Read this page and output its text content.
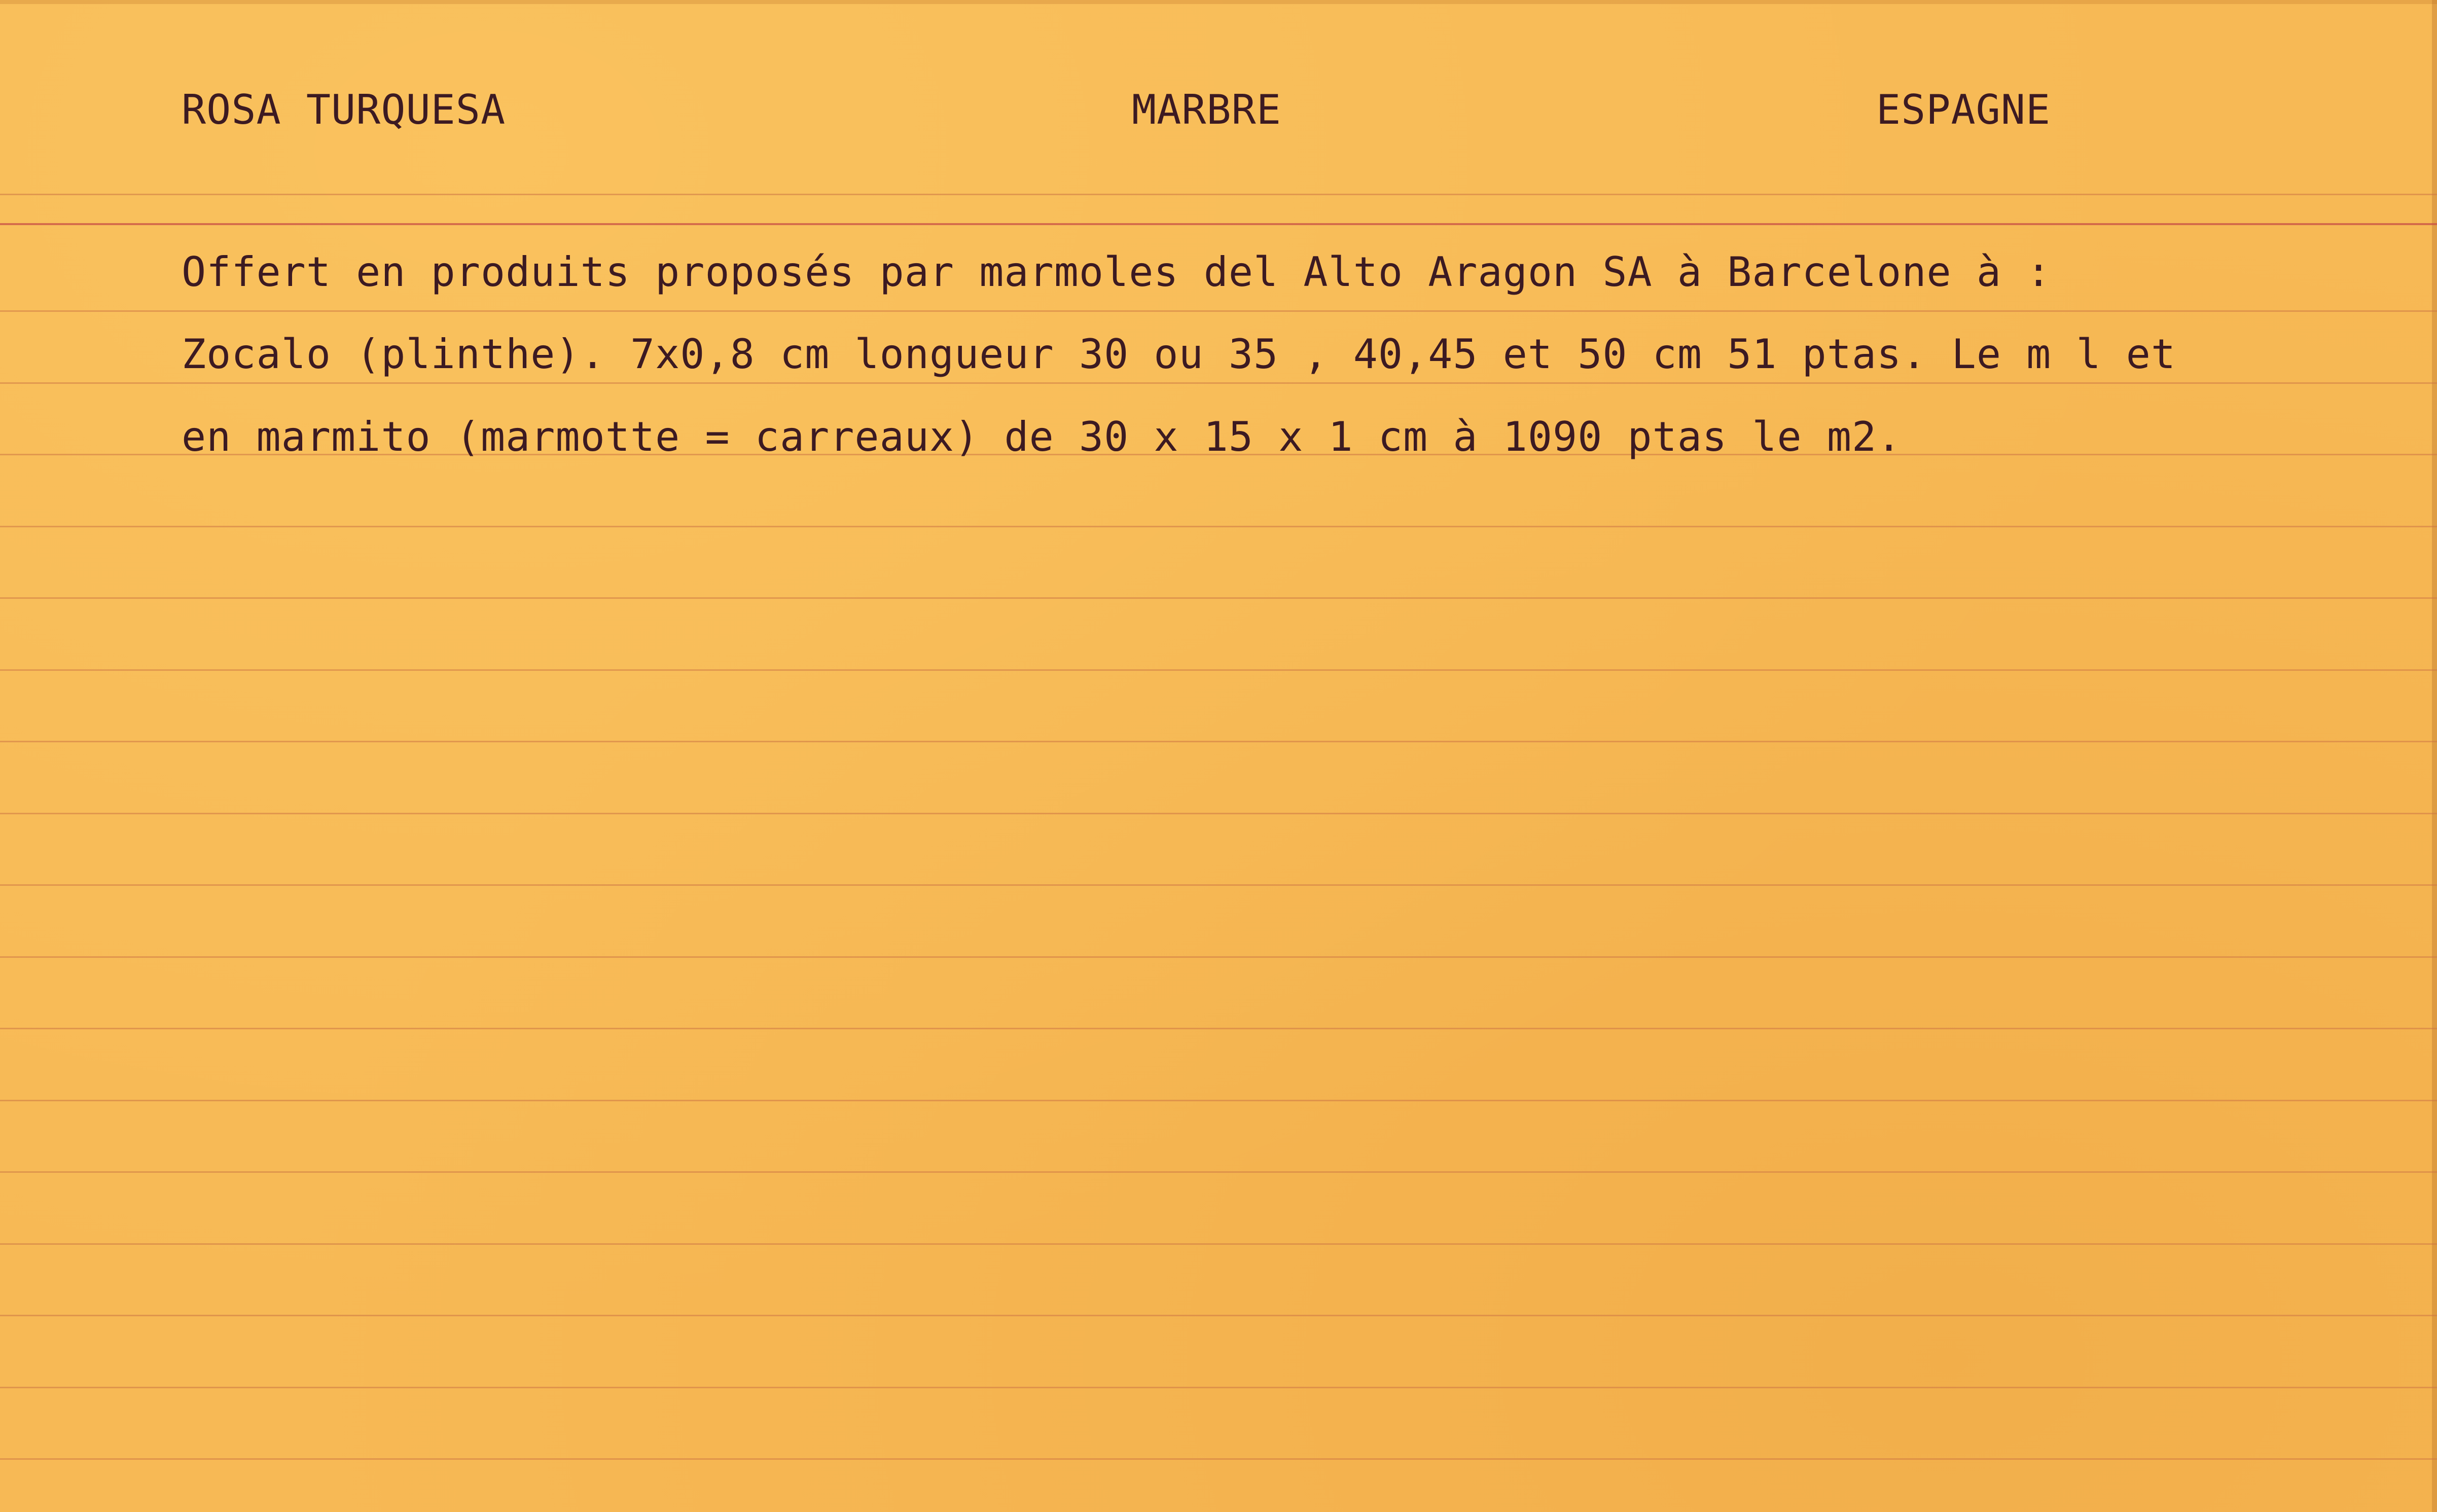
ROSA TURQUESA	MARBRE	ESPAGNE
Offert en produits proposés par marmoles del Alto Aragon SA à Barcelone à :
Zocalo (plinthe). 7x0,8 cm longueur 30 ou 35 , 40,45 et 50 cm 51 ptas. Le m l et
en marmito (marmotte = carreaux) de 30 x 15 x 1 cm à 1090 ptas le m2.
